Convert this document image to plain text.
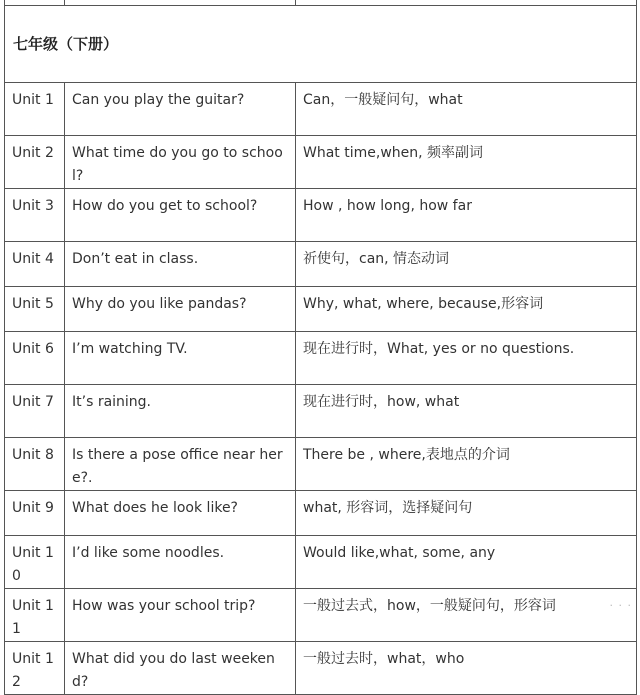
七年级（下册）		
Unit 1	Can you play the guitar?	Can，一般疑问句，what
Unit 2	What time do you go to school?	What time,when, 频率副词
Unit 3	How do you get to school?	How , how long, how far
Unit 4	Don’t eat in class.	祈使句，can, 情态动词
Unit 5	Why do you like pandas?	Why, what, where, because,形容词
Unit 6	I’m watching TV.	现在进行时，What, yes or no questions.
Unit 7	It’s raining.	现在进行时，how, what
Unit 8	Is there a pose office near here?.	There be , where,表地点的介词
Unit 9	What does he look like?	what, 形容词，选择疑问句
Unit 10	I’d like some noodles.	Would like,what, some, any
Unit 11	How was your school trip?	一般过去式，how，一般疑问句，形容词
Unit 12	What did you do last weekend?	一般过去时，what，who
· · ·
